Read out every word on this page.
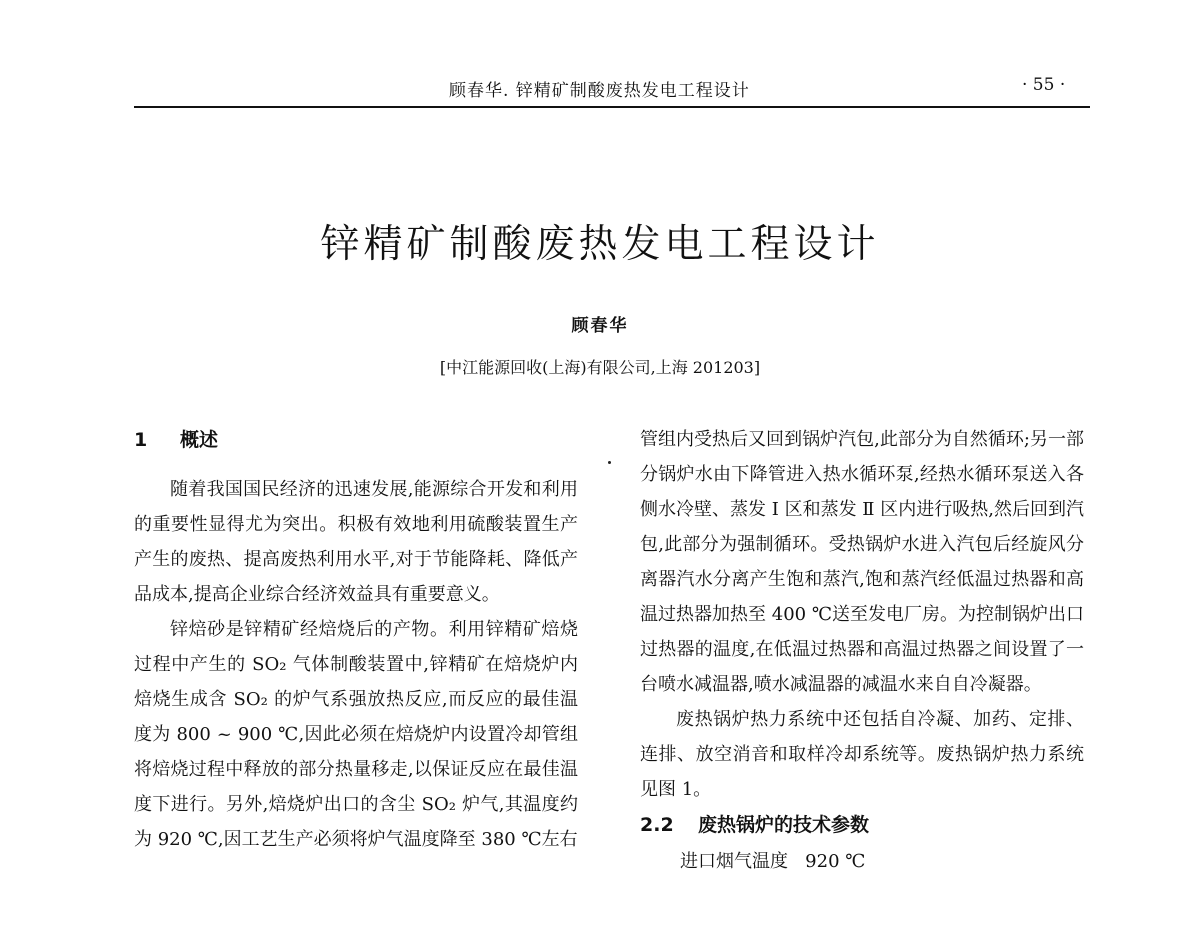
顾春华. 锌精矿制酸废热发电工程设计	· 55 ·
锌精矿制酸废热发电工程设计
顾春华
[中江能源回收(上海)有限公司,上海 201203]
1 概述

随着我国国民经济的迅速发展,能源综合开发和利用的重要性显得尤为突出。积极有效地利用硫酸装置生产产生的废热、提高废热利用水平,对于节能降耗、降低产品成本,提高企业综合经济效益具有重要意义。

锌焙砂是锌精矿经焙烧后的产物。利用锌精矿焙烧过程中产生的 SO₂ 气体制酸装置中,锌精矿在焙烧炉内焙烧生成含 SO₂ 的炉气系强放热反应,而反应的最佳温度为 800 ~ 900 ℃,因此必须在焙烧炉内设置冷却管组将焙烧过程中释放的部分热量移走,以保证反应在最佳温度下进行。另外,焙烧炉出口的含尘 SO₂ 炉气,其温度约为 920 ℃,因工艺生产必须将炉气温度降至 380 ℃左右

管组内受热后又回到锅炉汽包,此部分为自然循环;另一部分锅炉水由下降管进入热水循环泵,经热水循环泵送入各侧水冷壁、蒸发 Ⅰ 区和蒸发 Ⅱ 区内进行吸热,然后回到汽包,此部分为强制循环。受热锅炉水进入汽包后经旋风分离器汽水分离产生饱和蒸汽,饱和蒸汽经低温过热器和高温过热器加热至 400 ℃送至发电厂房。为控制锅炉出口过热器的温度,在低温过热器和高温过热器之间设置了一台喷水减温器,喷水减温器的减温水来自自冷凝器。

废热锅炉热力系统中还包括自冷凝、加药、定排、连排、放空消音和取样冷却系统等。废热锅炉热力系统见图 1。

2.2 废热锅炉的技术参数
进口烟气温度 920 ℃
